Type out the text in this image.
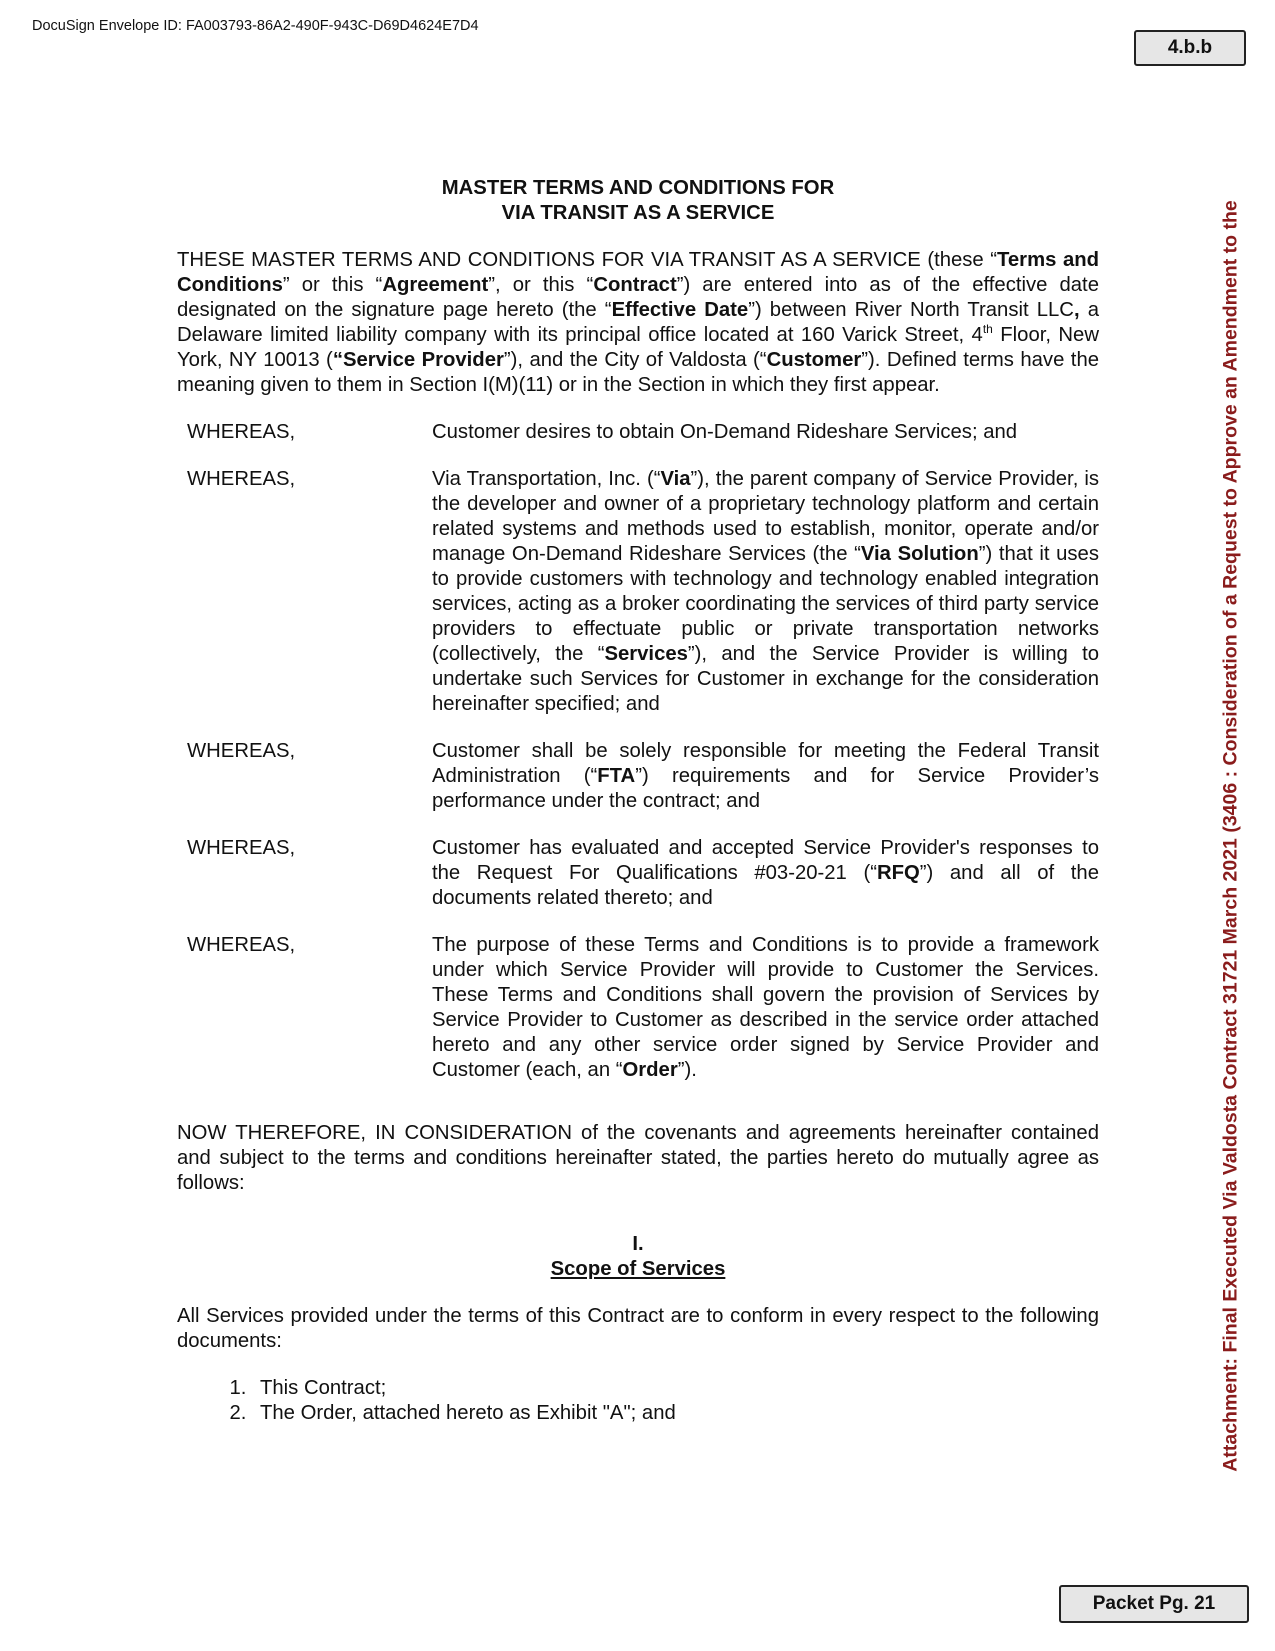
DocuSign Envelope ID: FA003793-86A2-490F-943C-D69D4624E7D4
4.b.b
Attachment: Final Executed Via Valdosta Contract 31721 March 2021 (3406 : Consideration of a Request to Approve an Amendment to the
MASTER TERMS AND CONDITIONS FOR
VIA TRANSIT AS A SERVICE

THESE MASTER TERMS AND CONDITIONS FOR VIA TRANSIT AS A SERVICE (these “Terms and Conditions” or this “Agreement”, or this “Contract”) are entered into as of the effective date designated on the signature page hereto (the “Effective Date”) between River North Transit LLC, a Delaware limited liability company with its principal office located at 160 Varick Street, 4th Floor, New York, NY 10013 (“Service Provider”), and the City of Valdosta (“Customer”). Defined terms have the meaning given to them in Section I(M)(11) or in the Section in which they first appear.

WHEREAS,	Customer desires to obtain On-Demand Rideshare Services; and

WHEREAS,	Via Transportation, Inc. (“Via”), the parent company of Service Provider, is the developer and owner of a proprietary technology platform and certain related systems and methods used to establish, monitor, operate and/or manage On-Demand Rideshare Services (the “Via Solution”) that it uses to provide customers with technology and technology enabled integration services, acting as a broker coordinating the services of third party service providers to effectuate public or private transportation networks (collectively, the “Services”), and the Service Provider is willing to undertake such Services for Customer in exchange for the consideration hereinafter specified; and

WHEREAS,	Customer shall be solely responsible for meeting the Federal Transit Administration (“FTA”) requirements and for Service Provider’s performance under the contract; and

WHEREAS,	Customer has evaluated and accepted Service Provider's responses to the Request For Qualifications #03-20-21 (“RFQ”) and all of the documents related thereto; and

WHEREAS,	The purpose of these Terms and Conditions is to provide a framework under which Service Provider will provide to Customer the Services. These Terms and Conditions shall govern the provision of Services by Service Provider to Customer as described in the service order attached hereto and any other service order signed by Service Provider and Customer (each, an “Order”).

NOW THEREFORE, IN CONSIDERATION of the covenants and agreements hereinafter contained and subject to the terms and conditions hereinafter stated, the parties hereto do mutually agree as follows:

I.
Scope of Services

All Services provided under the terms of this Contract are to conform in every respect to the following documents:

1. This Contract;
2. The Order, attached hereto as Exhibit "A"; and
Packet Pg. 21
